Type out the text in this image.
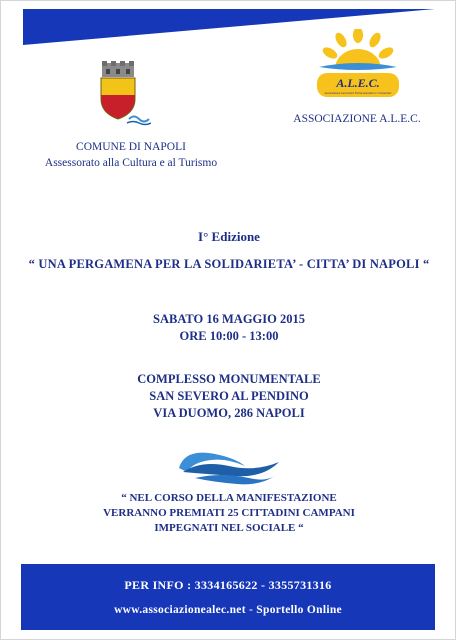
COMUNE DI NAPOLI
Assessorato alla Cultura e al Turismo
A.L.E.C.
Associazione Lavoratori Extracomunitari e Comunitari
ASSOCIAZIONE A.L.E.C.
I° Edizione
“ UNA PERGAMENA PER LA SOLIDARIETA’ - CITTA’ DI NAPOLI “
SABATO 16 MAGGIO 2015
ORE 10:00 - 13:00
COMPLESSO MONUMENTALE
SAN SEVERO AL PENDINO
VIA DUOMO, 286 NAPOLI
“ NEL CORSO DELLA MANIFESTAZIONE
VERRANNO PREMIATI 25 CITTADINI CAMPANI
IMPEGNATI NEL SOCIALE “
PER INFO : 3334165622 - 3355731316
www.associazionealec.net - Sportello Online
